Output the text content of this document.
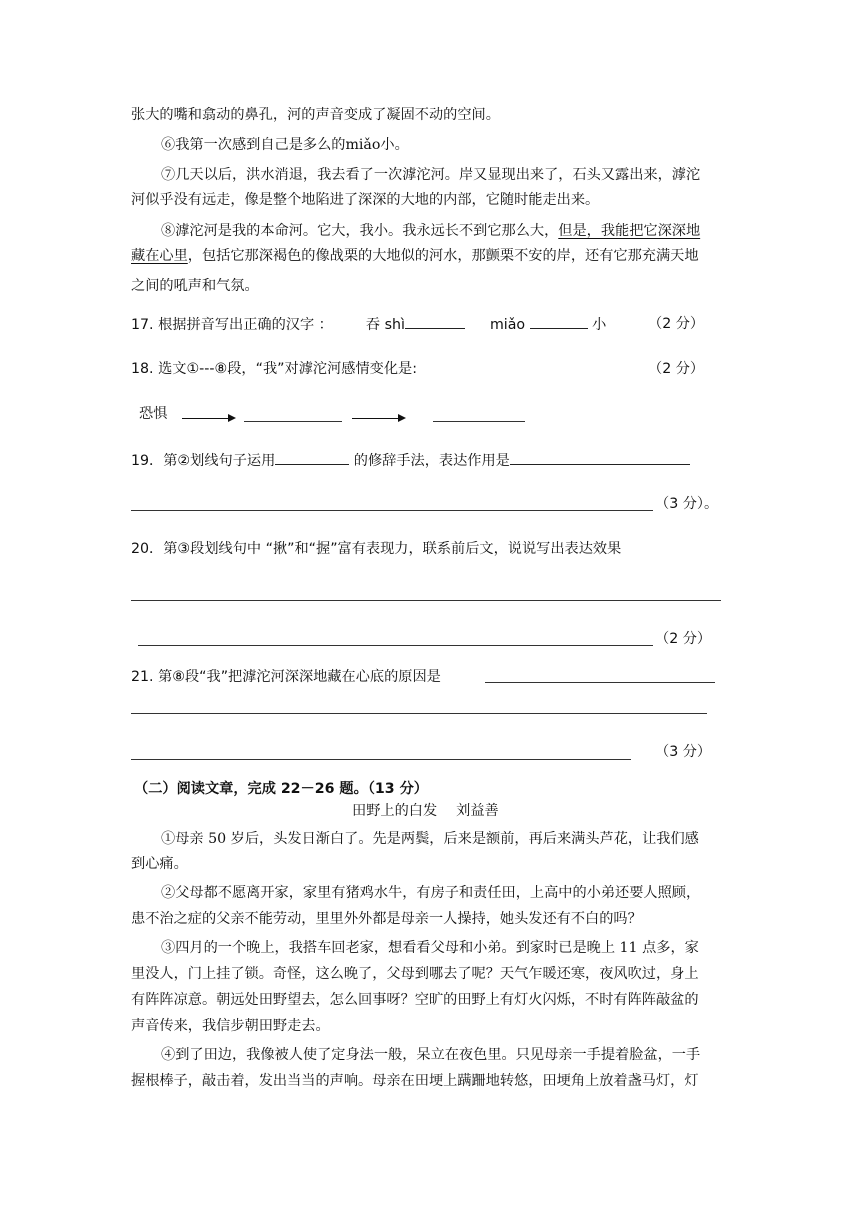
张大的嘴和翕动的鼻孔，河的声音变成了凝固不动的空间。
⑥我第一次感到自己是多么的miǎo小。
⑦几天以后，洪水消退，我去看了一次滹沱河。岸又显现出来了，石头又露出来，滹沱
河似乎没有远走，像是整个地陷进了深深的大地的内部，它随时能走出来。
⑧滹沱河是我的本命河。它大，我小。我永远长不到它那么大，但是，我能把它深深地
藏在心里，包括它那深褐色的像战栗的大地似的河水，那颤栗不安的岸，还有它那充满天地
之间的吼声和气氛。
17. 根据拼音写出正确的汉字 ： 吞 shì	miǎo	小	（2 分）
18. 选文①---⑧段，“我”对滹沱河感情变化是:	（2 分）
恐惧
19．第②划线句子运用	的修辞手法，表达作用是
（3 分）。
20．第③段划线句中 “揪”和“握”富有表现力，联系前后文，说说写出表达效果
（2 分）
21. 第⑧段“我”把滹沱河深深地藏在心底的原因是
（3 分）
（二）阅读文章，完成 22－26 题。（13 分）
田野上的白发 刘益善
①母亲 50 岁后，头发日渐白了。先是两鬓，后来是额前，再后来满头芦花，让我们感
到心痛。
②父母都不愿离开家，家里有猪鸡水牛，有房子和责任田，上高中的小弟还要人照顾，
患不治之症的父亲不能劳动，里里外外都是母亲一人操持，她头发还有不白的吗？
③四月的一个晚上，我搭车回老家，想看看父母和小弟。到家时已是晚上 11 点多，家
里没人，门上挂了锁。奇怪，这么晚了，父母到哪去了呢？天气乍暖还寒，夜风吹过，身上
有阵阵凉意。朝远处田野望去，怎么回事呀？空旷的田野上有灯火闪烁，不时有阵阵敲盆的
声音传来，我信步朝田野走去。
④到了田边，我像被人使了定身法一般，呆立在夜色里。只见母亲一手提着脸盆，一手
握根棒子，敲击着，发出当当的声响。母亲在田埂上蹒跚地转悠，田埂角上放着盏马灯，灯
